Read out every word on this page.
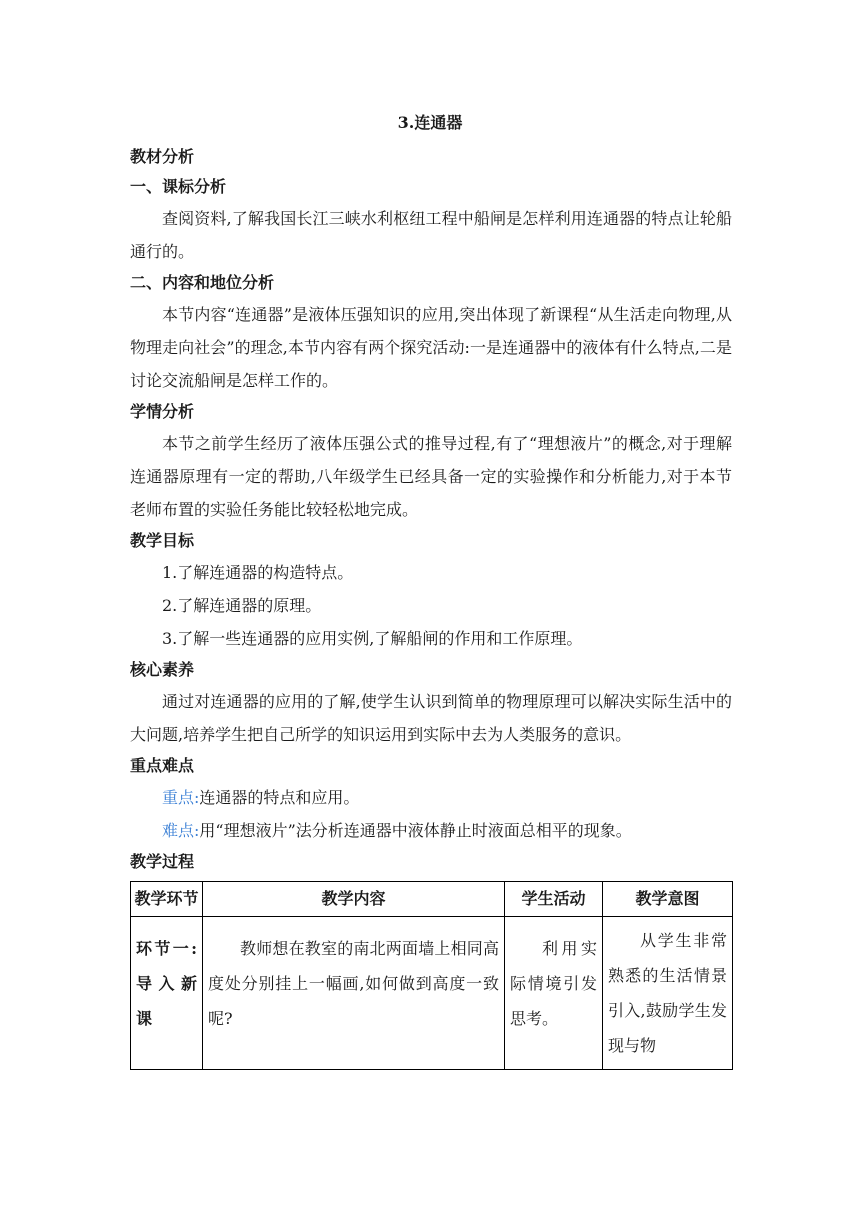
3.连通器

教材分析

一、课标分析

查阅资料,了解我国长江三峡水利枢纽工程中船闸是怎样利用连通器的特点让轮船通行的。

二、内容和地位分析

本节内容“连通器”是液体压强知识的应用,突出体现了新课程“从生活走向物理,从物理走向社会”的理念,本节内容有两个探究活动:一是连通器中的液体有什么特点,二是讨论交流船闸是怎样工作的。

学情分析

本节之前学生经历了液体压强公式的推导过程,有了“理想液片”的概念,对于理解连通器原理有一定的帮助,八年级学生已经具备一定的实验操作和分析能力,对于本节老师布置的实验任务能比较轻松地完成。

教学目标

1.了解连通器的构造特点。

2.了解连通器的原理。

3.了解一些连通器的应用实例,了解船闸的作用和工作原理。

核心素养

通过对连通器的应用的了解,使学生认识到简单的物理原理可以解决实际生活中的大问题,培养学生把自己所学的知识运用到实际中去为人类服务的意识。

重点难点

重点:连通器的特点和应用。

难点:用“理想液片”法分析连通器中液体静止时液面总相平的现象。

教学过程

教学环节	教学内容	学生活动	教学意图
环节一:导入新课	教师想在教室的南北两面墙上相同高度处分别挂上一幅画,如何做到高度一致呢?	利用实际情境引发思考。	从学生非常熟悉的生活情景引入,鼓励学生发现与物
